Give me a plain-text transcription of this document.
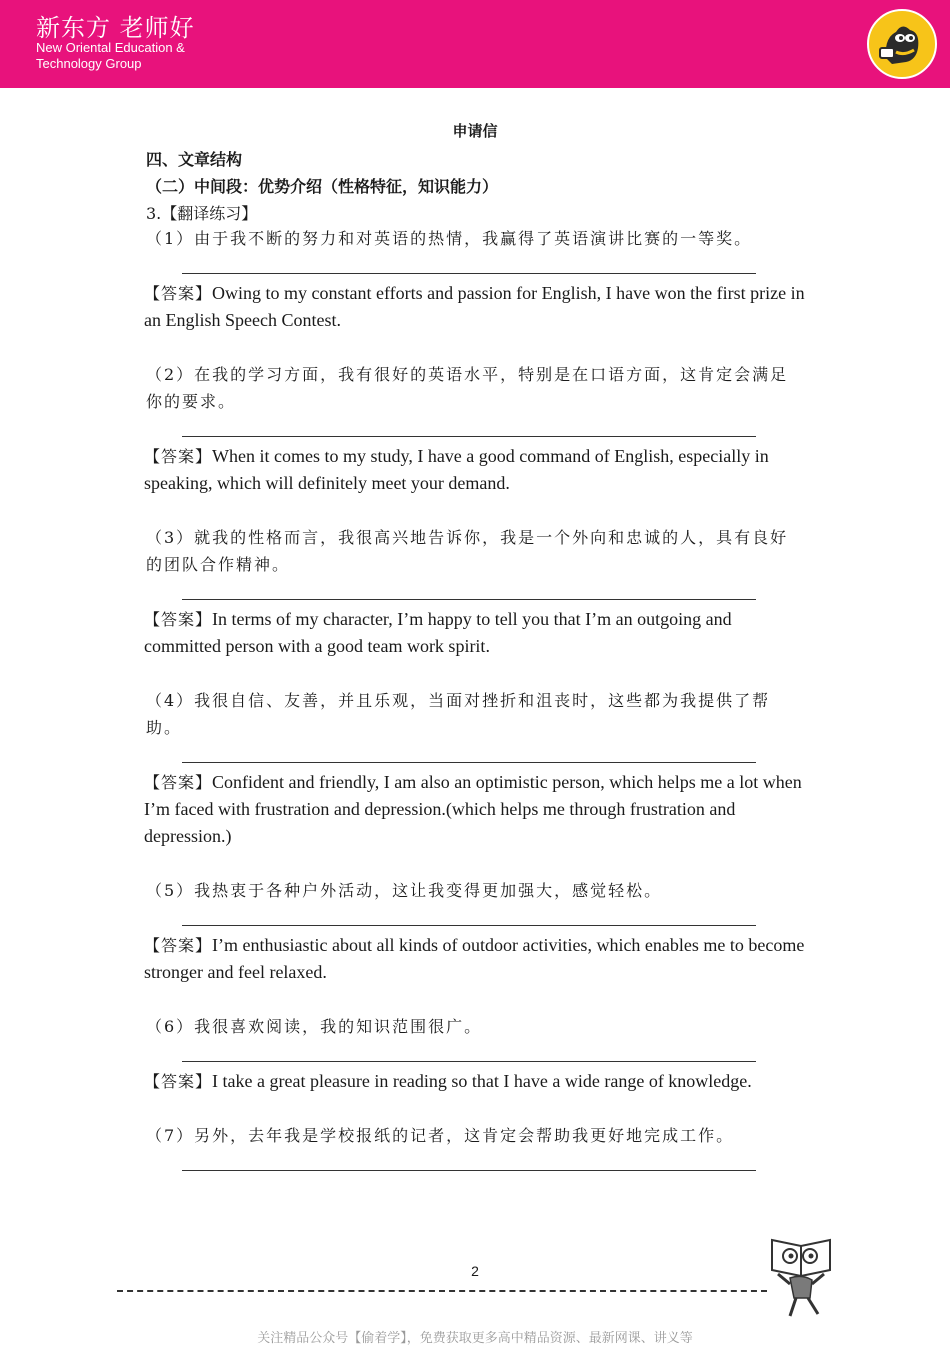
新东方 老师好
New Oriental Education & Technology Group
申请信
四、文章结构
（二）中间段：优势介绍（性格特征，知识能力）
3.【翻译练习】
（1）由于我不断的努力和对英语的热情，我赢得了英语演讲比赛的一等奖。
【答案】Owing to my constant efforts and passion for English, I have won the first prize in an English Speech Contest.
（2）在我的学习方面，我有很好的英语水平，特别是在口语方面，这肯定会满足你的要求。
【答案】When it comes to my study, I have a good command of English, especially in speaking, which will definitely meet your demand.
（3）就我的性格而言，我很高兴地告诉你，我是一个外向和忠诚的人，具有良好的团队合作精神。
【答案】In terms of my character, I’m happy to tell you that I’m an outgoing and committed person with a good team work spirit.
（4）我很自信、友善，并且乐观，当面对挫折和沮丧时，这些都为我提供了帮助。
【答案】Confident and friendly, I am also an optimistic person, which helps me a lot when I’m faced with frustration and depression.(which helps me through frustration and depression.)
（5）我热衷于各种户外活动，这让我变得更加强大，感觉轻松。
【答案】I’m enthusiastic about all kinds of outdoor activities, which enables me to become stronger and feel relaxed.
（6）我很喜欢阅读，我的知识范围很广。
【答案】I take a great pleasure in reading so that I have a wide range of knowledge.
（7）另外，去年我是学校报纸的记者，这肯定会帮助我更好地完成工作。
2
关注精品公众号【偷着学】，免费获取更多高中精品资源、最新网课、讲义等
